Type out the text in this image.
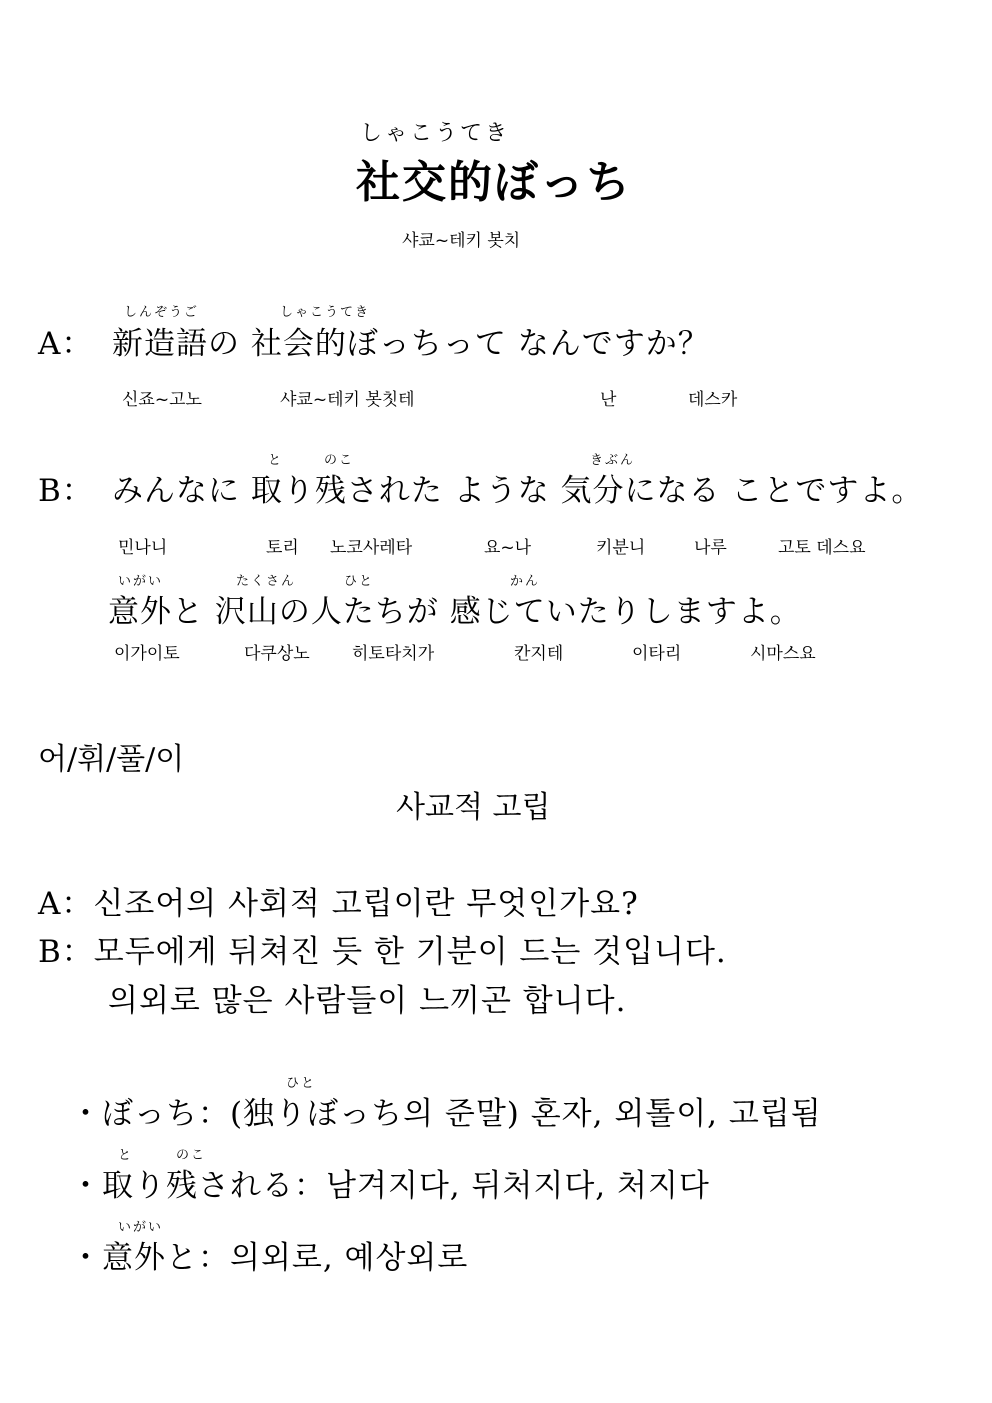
しゃこうてき
社交的ぼっち
샤쿄~테키 봇치
しんぞうご	しゃこうてき
A： 新造語の 社会的ぼっちって なんですか？
신죠~고노	샤쿄~테키 봇칫테	난	데스카
と	のこ	きぶん
B： みんなに 取り残された ような 気分になる ことですよ。
민나니	토리 노코사레타	요~나	키분니	나루	고토 데스요
いがい	たくさん	ひと	かん
意外と 沢山の人たちが 感じていたりしますよ。
이가이토	다쿠상노 히토타치가	칸지테	이타리	시마스요
어/휘/풀/이
사교적 고립
A：신조어의 사회적 고립이란 무엇인가요?
B：모두에게 뒤쳐진 듯 한 기분이 드는 것입니다.
의외로 많은 사람들이 느끼곤 합니다.
ひと
・ぼっち：(独りぼっち의 준말) 혼자, 외톨이, 고립됨
と	のこ
・取り残される：남겨지다, 뒤처지다, 처지다
いがい
・意外と：의외로, 예상외로
